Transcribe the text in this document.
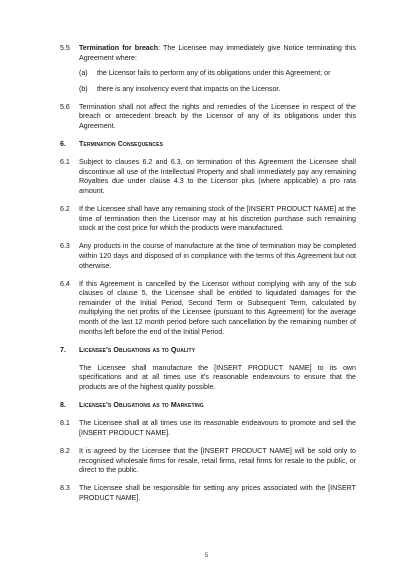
5.5 Termination for breach: The Licensee may immediately give Notice terminating this Agreement where:
(a) the Licensor fails to perform any of its obligations under this Agreement; or
(b) there is any insolvency event that impacts on the Licensor.
5.6 Termination shall not affect the rights and remedies of the Licensee in respect of the breach or antecedent breach by the Licensor of any of its obligations under this Agreement.
6. Termination Consequences
6.1 Subject to clauses 6.2 and 6.3, on termination of this Agreement the Licensee shall discontinue all use of the Intellectual Property and shall immediately pay any remaining Royalties due under clause 4.3 to the Licensor plus (where applicable) a pro rata amount.
6.2 If the Licensee shall have any remaining stock of the [INSERT PRODUCT NAME] at the time of termination then the Licensor may at his discretion purchase such remaining stock at the cost price for which the products were manufactured.
6.3 Any products in the course of manufacture at the time of termination may be completed within 120 days and disposed of in compliance with the terms of this Agreement but not otherwise.
6.4 If this Agreement is cancelled by the Licensor without complying with any of the sub clauses of clause 5, the Licensee shall be entitled to liquidated damages for the remainder of the Initial Period, Second Term or Subsequent Term, calculated by multiplying the net profits of the Licensee (pursuant to this Agreement) for the average month of the last 12 month period before such cancellation by the remaining number of months left before the end of the Initial Period.
7. Licensee's Obligations as to Quality
The Licensee shall manufacture the [INSERT PRODUCT NAME] to its own specifications and at all times use it's reasonable endeavours to ensure that the products are of the highest quality possible.
8. Licensee's Obligations as to Marketing
8.1 The Licensee shall at all times use its reasonable endeavours to promote and sell the [INSERT PRODUCT NAME].
8.2 It is agreed by the Licensee that the [INSERT PRODUCT NAME] will be sold only to recognised wholesale firms for resale, retail firms, retail firms for resale to the public, or direct to the public.
8.3 The Licensee shall be responsible for setting any prices associated with the [INSERT PRODUCT NAME].
5
